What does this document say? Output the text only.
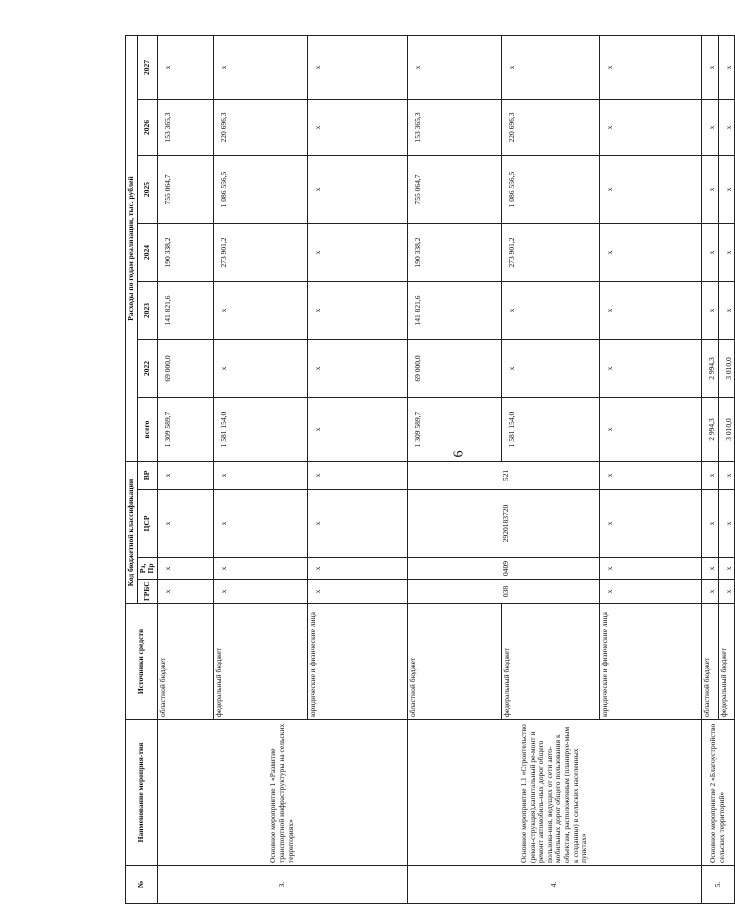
6
№	Наименование мероприя-тия	Источники средств	Код бюджетной классификации				Расходы по годам реализации, тыс. рублей						
			ГРБС	Рз, Пр	ЦСР	ВР	всего	2022	2023	2024	2025	2026	2027
3.	Основное мероприятие 1 «Развитие транспортной инфраструктуры на сельских территориях»	областной бюджет	x	x	x	x	1 309 589,7	69 000,0	141 821,6	190 338,2	755 064,7	153 365,3	x
		федеральный бюджет	x	x	x	x	1 581 154,0	x	x	273 901,2	1 086 556,5	220 696,3	x
		юридические и физические лица	x	x	x	x	x	x	x	x	x	x	x
4.	Основное мероприятие 1.1 «Строительство (рекон-струкция),капитальный ре-монт и ремонт автомобиль-ных дорог общего пользова-ния, ведущих от сети авто-мобильных дорог общего пользования к объектам, расположенным (планируе-мым к созданию) в сельских населенных пунктах»	областной бюджет	038	0409	2920183720	521	1 309 589,7	69 000,0	141 821,6	190 338,2	755 064,7	153 365,3	x
		федеральный бюджет					1 581 154,0	x	x	273 901,2	1 086 556,5	220 696,3	x
		юридические и физические лица	x	x	x	x	x	x	x	x	x	x	x
5.	Основное мероприятие 2 «Благоустройство сельских территорий»	областной бюджет	x	x	x	x	2 994,3	2 994,3	x	x	x	x	x
		федеральный бюджет	x	x	x	x	3 010,0	3 010,0	x	x	x	x	x
